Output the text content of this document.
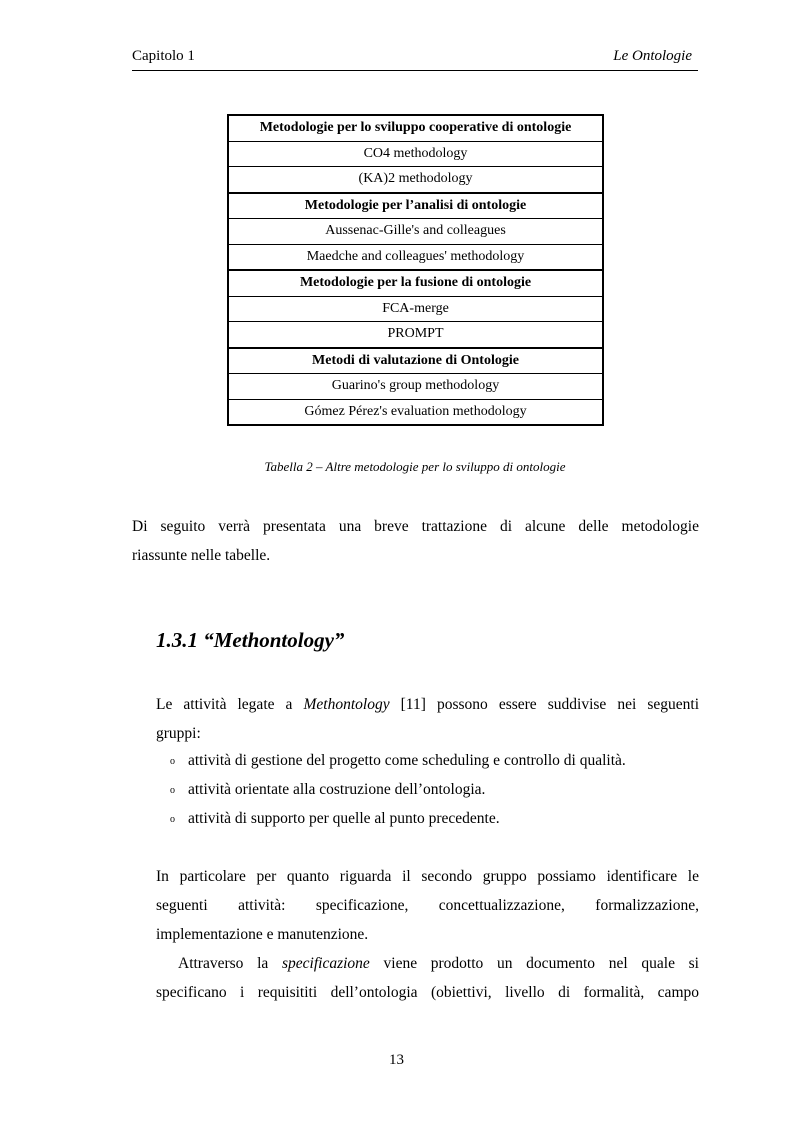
Capitolo 1	Le Ontologie
Metodologie per lo sviluppo cooperative di ontologie
CO4 methodology
(KA)2 methodology
Metodologie per l’analisi di ontologie
Aussenac-Gille's and colleagues
Maedche and colleagues' methodology
Metodologie per la fusione di ontologie
FCA-merge
PROMPT
Metodi di valutazione di Ontologie
Guarino's group methodology
Gómez Pérez's evaluation methodology
Tabella 2 – Altre metodologie per lo sviluppo di ontologie
Di seguito verrà presentata una breve trattazione di alcune delle metodologie
riassunte nelle tabelle.
1.3.1 “Methontology”
Le attività legate a Methontology [11] possono essere suddivise nei seguenti
gruppi:
o attività di gestione del progetto come scheduling e controllo di qualità.
o attività orientate alla costruzione dell’ontologia.
o attività di supporto per quelle al punto precedente.
In particolare per quanto riguarda il secondo gruppo possiamo identificare le
seguenti attività: specificazione, concettualizzazione, formalizzazione,
implementazione e manutenzione.
Attraverso la specificazione viene prodotto un documento nel quale si
specificano i requisititi dell’ontologia (obiettivi, livello di formalità, campo
13
